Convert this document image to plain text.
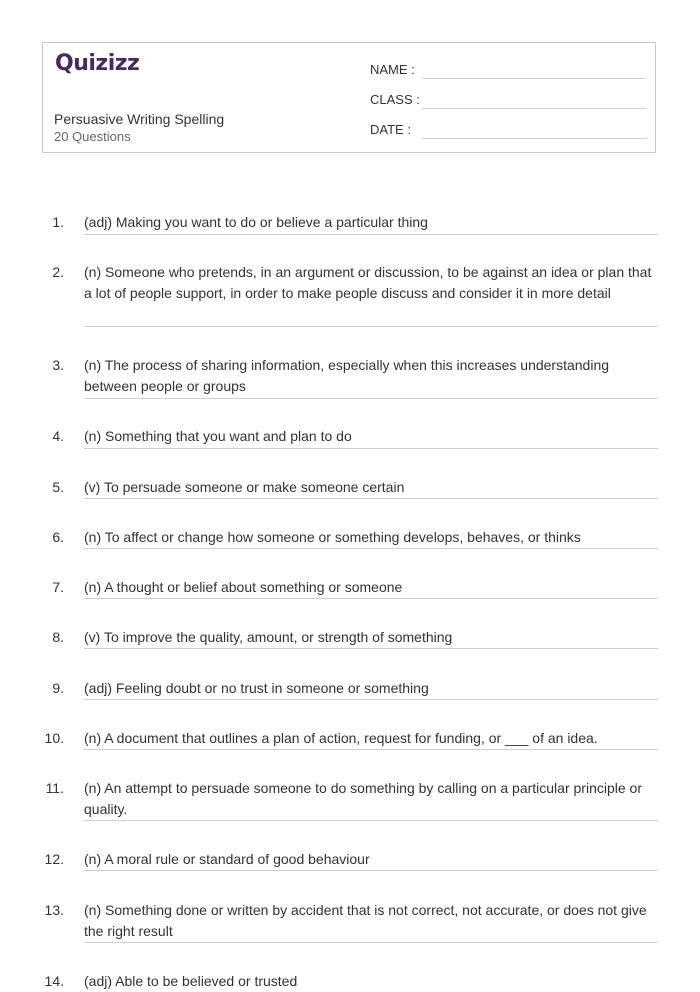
Quizizz
Persuasive Writing Spelling
20 Questions
NAME :
CLASS :
DATE :
1. (adj) Making you want to do or believe a particular thing
2. (n) Someone who pretends, in an argument or discussion, to be against an idea or plan that a lot of people support, in order to make people discuss and consider it in more detail
3. (n) The process of sharing information, especially when this increases understanding between people or groups
4. (n) Something that you want and plan to do
5. (v) To persuade someone or make someone certain
6. (n) To affect or change how someone or something develops, behaves, or thinks
7. (n) A thought or belief about something or someone
8. (v) To improve the quality, amount, or strength of something
9. (adj) Feeling doubt or no trust in someone or something
10. (n) A document that outlines a plan of action, request for funding, or ___ of an idea.
11. (n) An attempt to persuade someone to do something by calling on a particular principle or quality.
12. (n) A moral rule or standard of good behaviour
13. (n) Something done or written by accident that is not correct, not accurate, or does not give the right result
14. (adj) Able to be believed or trusted
